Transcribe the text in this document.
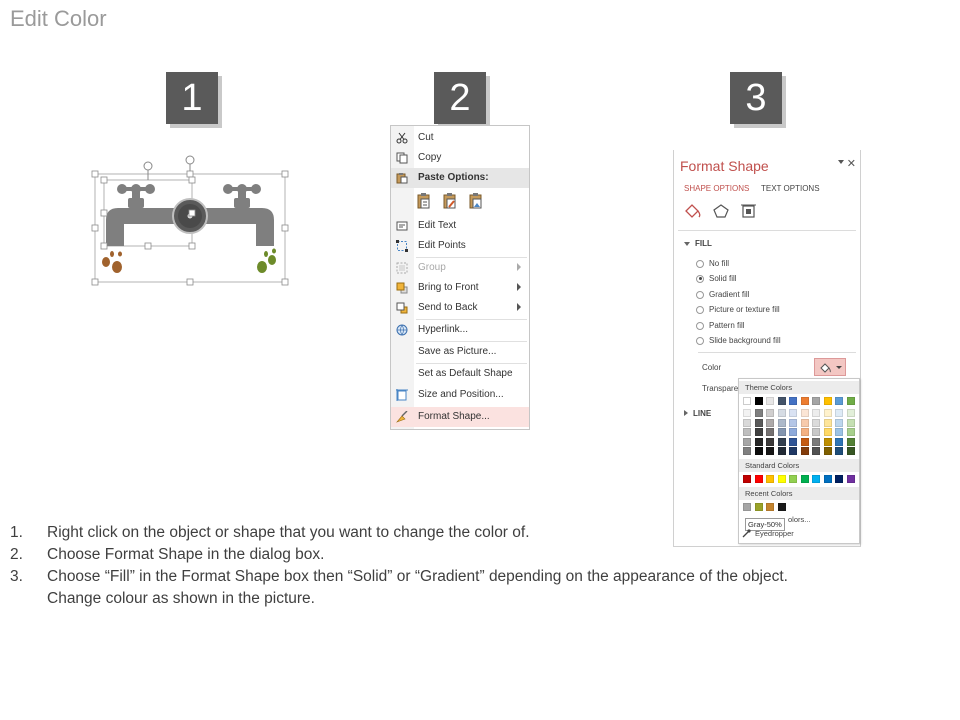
Edit Color
1	2	3
Cut
Copy
Paste Options:
Edit Text
Edit Points
Group
Bring to Front
Send to Back
Hyperlink...
Save as Picture...
Set as Default Shape
Size and Position...
Format Shape...
Format Shape	✕
SHAPE OPTIONS TEXT OPTIONS
FILL
No fill
Solid fill
Gradient fill
Picture or texture fill
Pattern fill
Slide background fill
Color
Transpare
LINE
Theme Colors
Standard Colors
Recent Colors
olors...
Gray-50%
Eyedropper
1.	Right click on the object or shape that you want to change the color of.
2.	Choose Format Shape in the dialog box.
3.	Choose “Fill” in the Format Shape box then “Solid” or “Gradient” depending on the appearance of the object.
Change colour as shown in the picture.
